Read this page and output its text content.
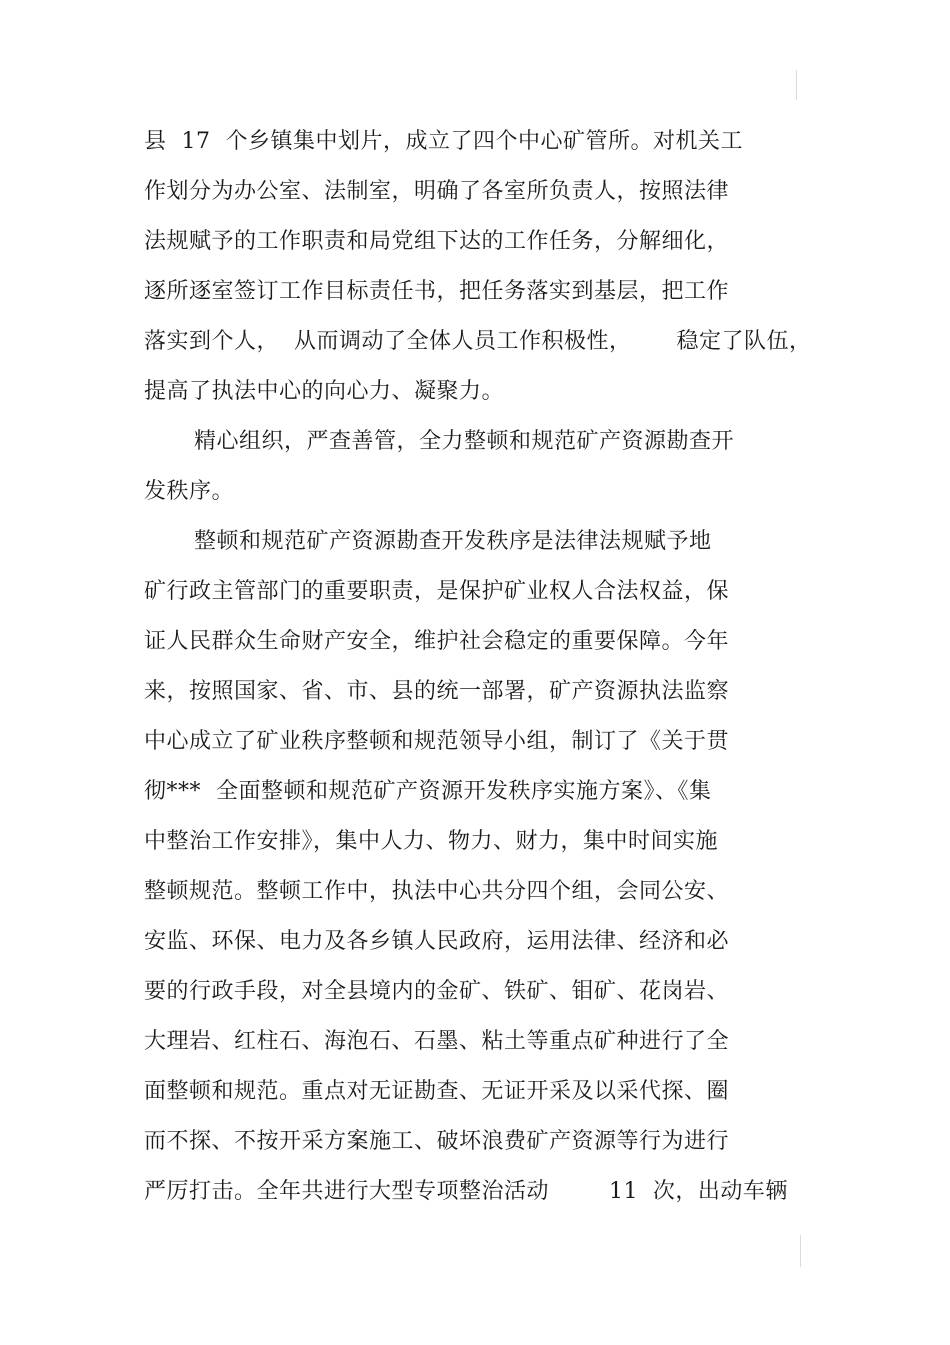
县  17  个乡镇集中划片，成立了四个中心矿管所。对机关工
作划分为办公室、法制室，明确了各室所负责人，按照法律
法规赋予的工作职责和局党组下达的工作任务，分解细化，
逐所逐室签订工作目标责任书，把任务落实到基层，把工作
落实到个人，  从而调动了全体人员工作积极性，      稳定了队伍，
提高了执法中心的向心力、凝聚力。
精心组织，严查善管，全力整顿和规范矿产资源勘查开
发秩序。
整顿和规范矿产资源勘查开发秩序是法律法规赋予地
矿行政主管部门的重要职责，是保护矿业权人合法权益，保
证人民群众生命财产安全，维护社会稳定的重要保障。今年
来，按照国家、省、市、县的统一部署，矿产资源执法监察
中心成立了矿业秩序整顿和规范领导小组，制订了《关于贯
彻***  全面整顿和规范矿产资源开发秩序实施方案》、《集
中整治工作安排》，集中人力、物力、财力，集中时间实施
整顿规范。整顿工作中，执法中心共分四个组，会同公安、
安监、环保、电力及各乡镇人民政府，运用法律、经济和必
要的行政手段，对全县境内的金矿、铁矿、钼矿、花岗岩、
大理岩、红柱石、海泡石、石墨、粘土等重点矿种进行了全
面整顿和规范。重点对无证勘查、无证开采及以采代探、圈
而不探、不按开采方案施工、破坏浪费矿产资源等行为进行
严厉打击。全年共进行大型专项整治活动        11  次，出动车辆
